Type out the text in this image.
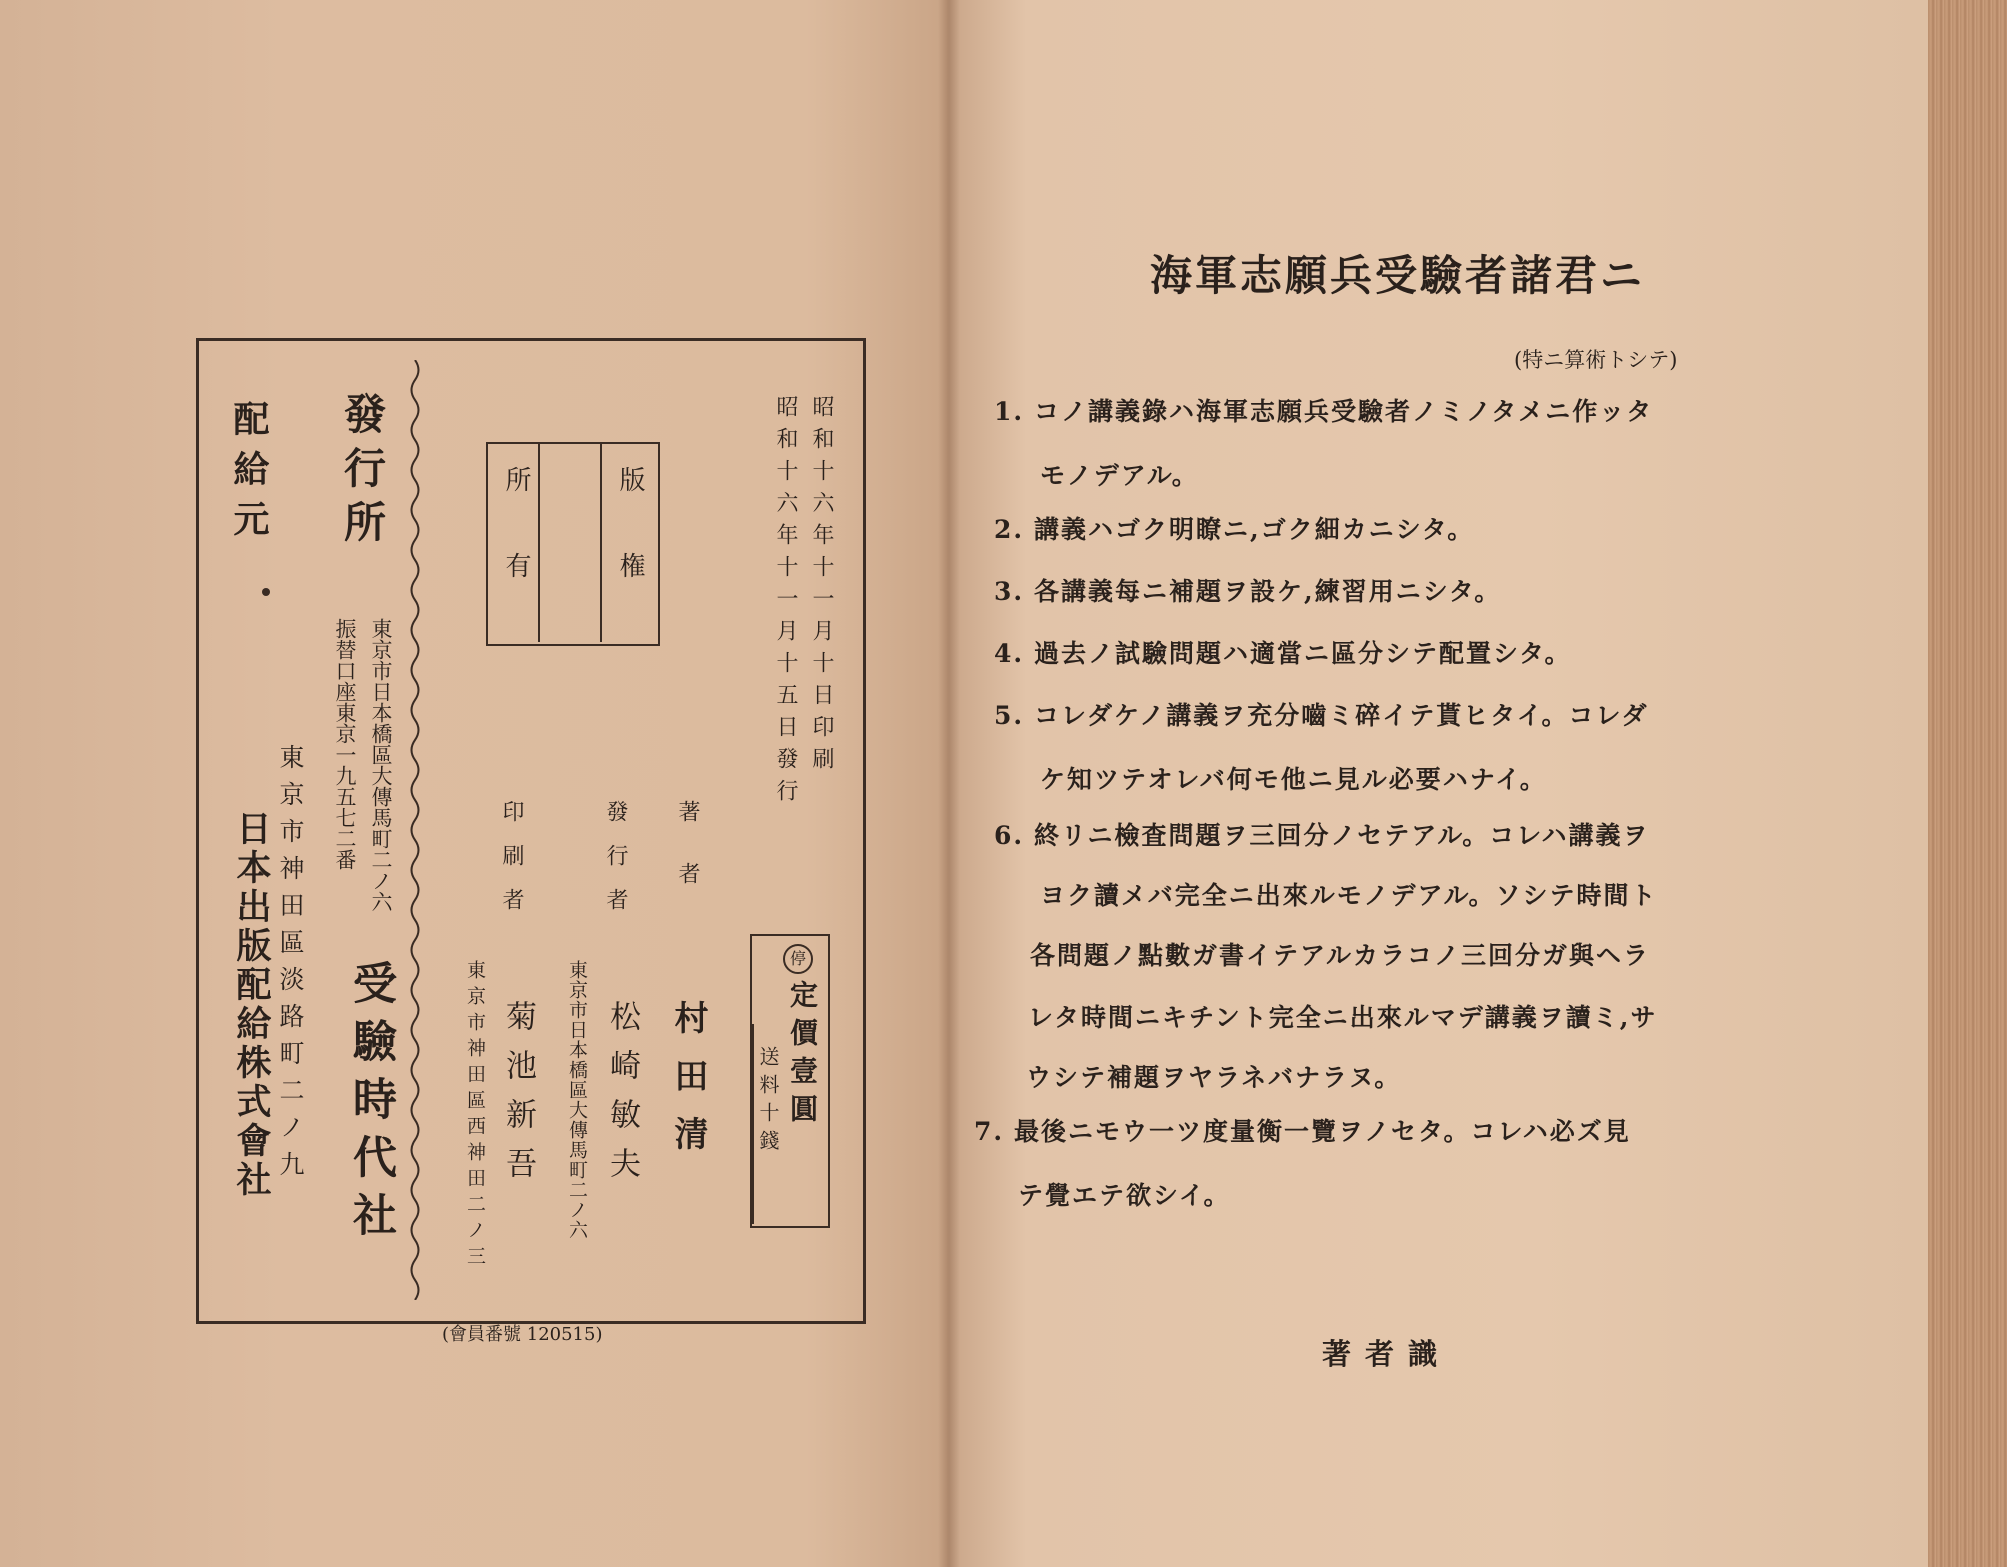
昭和十六年十一月十日印刷
昭和十六年十一月十五日發行
版権
所有
著者
村田清
發行者
東京市日本橋區大傳馬町二ノ六 松崎敏夫
印刷者
東京市神田區西神田二ノ三 菊池新吾
停
定價壹圓
送料十錢
發行所
東京市日本橋區大傳馬町二ノ六
振替口座東京一九五七二番
受驗時代社
配給元
東京市神田區淡路町二ノ九
日本出版配給株式會社
(會員番號 120515)
海軍志願兵受驗者諸君ニ
(特ニ算術トシテ)
1. コノ講義錄ハ海軍志願兵受驗者ノミノタメニ作ッタ
モノデアル。
2. 講義ハゴク明瞭ニ,ゴク細カニシタ。
3. 各講義每ニ補題ヲ設ケ,練習用ニシタ。
4. 過去ノ試驗問題ハ適當ニ區分シテ配置シタ。
5. コレダケノ講義ヲ充分嚙ミ碎イテ貰ヒタイ。コレダ
ケ知ツテオレバ何モ他ニ見ル必要ハナイ。
6. 終リニ檢査問題ヲ三回分ノセテアル。コレハ講義ヲ
ヨク讀メバ完全ニ出來ルモノデアル。ソシテ時間ト
各問題ノ點數ガ書イテアルカラコノ三回分ガ與ヘラ
レタ時間ニキチント完全ニ出來ルマデ講義ヲ讀ミ,サ
ウシテ補題ヲヤラネバナラヌ。
7. 最後ニモウ一ツ度量衡一覽ヲノセタ。コレハ必ズ見
テ覺エテ欲シイ。
著者識
